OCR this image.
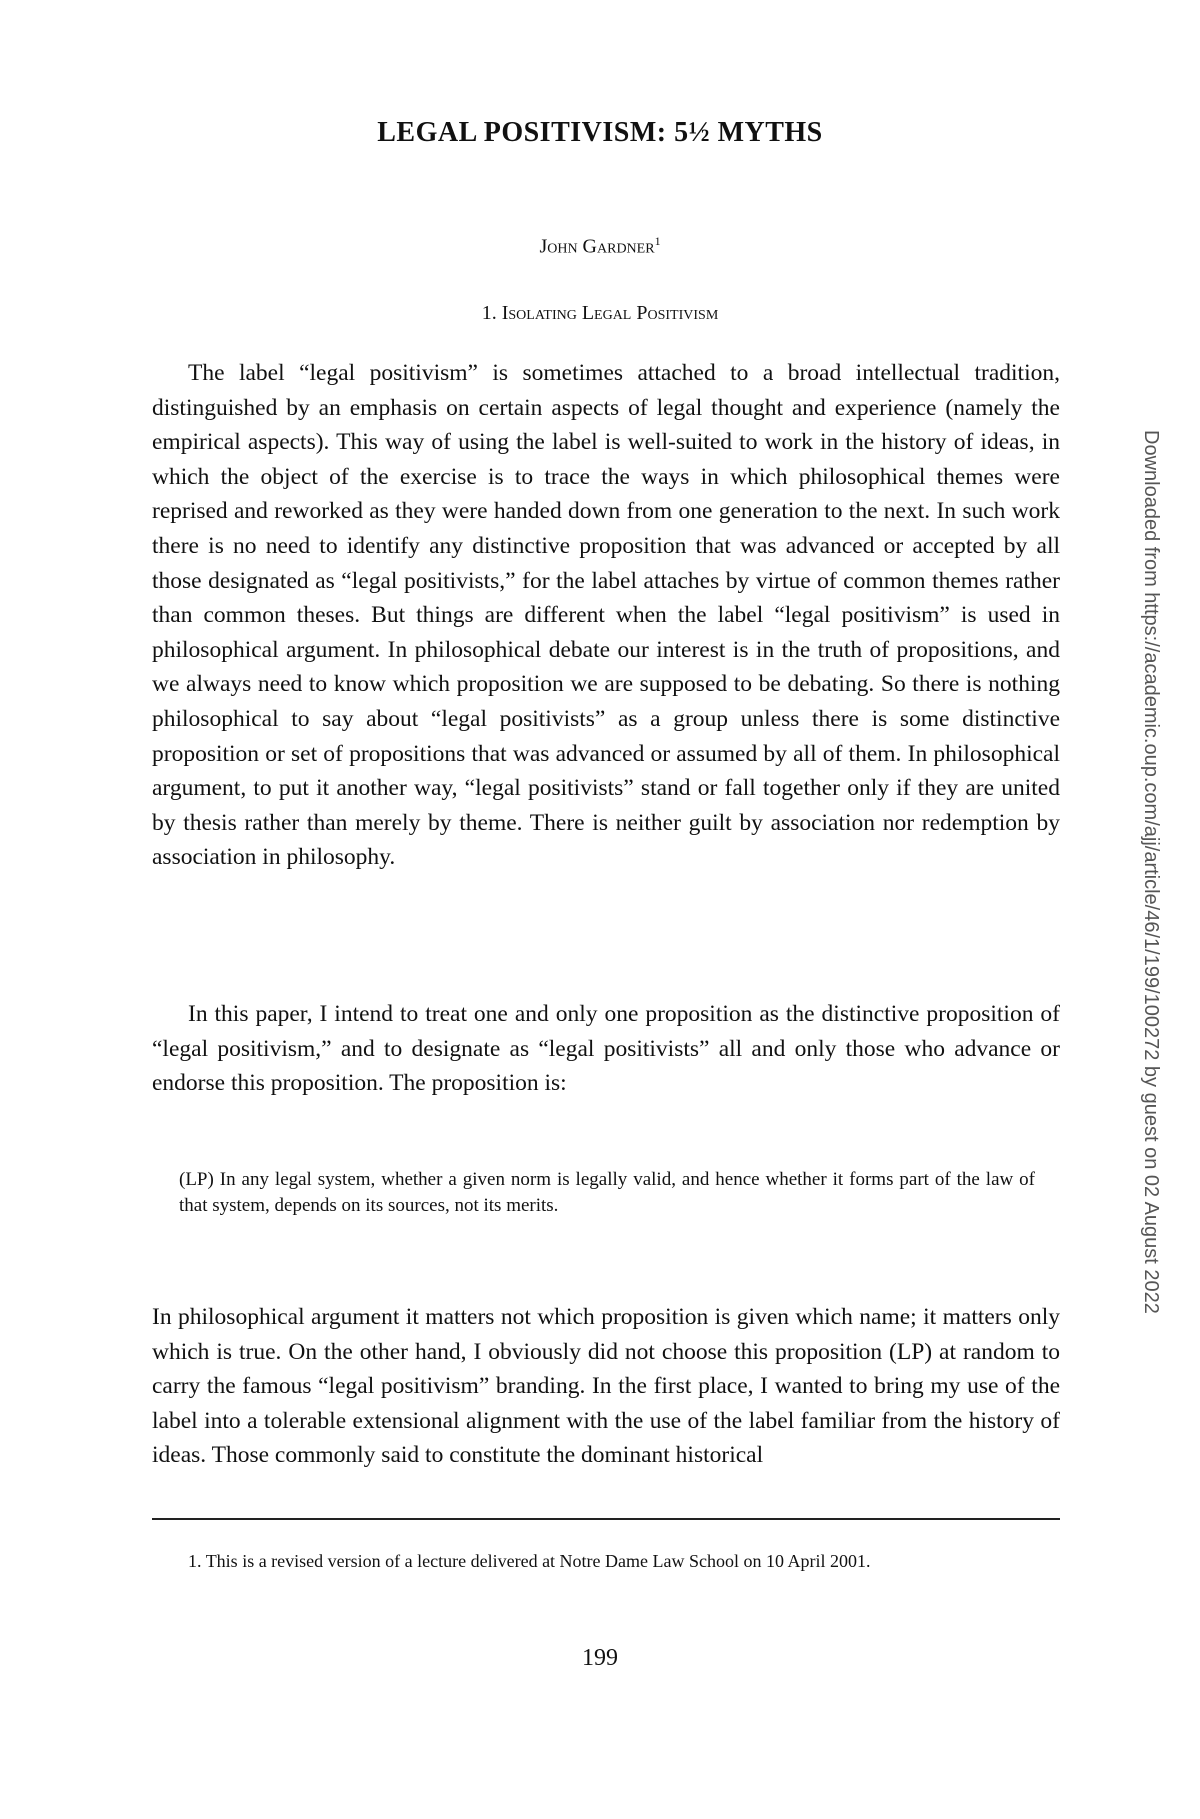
LEGAL POSITIVISM: 5½ MYTHS
John Gardner$^1$
1. Isolating Legal Positivism

The label “legal positivism” is sometimes attached to a broad intellectual tradition, distinguished by an emphasis on certain aspects of legal thought and experience (namely the empirical aspects). This way of using the label is well-suited to work in the history of ideas, in which the object of the exercise is to trace the ways in which philosophical themes were reprised and reworked as they were handed down from one generation to the next. In such work there is no need to identify any distinctive proposition that was advanced or accepted by all those designated as “legal positivists,” for the label attaches by virtue of common themes rather than common theses. But things are different when the label “legal positivism” is used in philosophical argument. In philosophical debate our interest is in the truth of propositions, and we always need to know which proposition we are supposed to be debating. So there is nothing philosophical to say about “legal positivists” as a group unless there is some distinctive proposition or set of propositions that was advanced or assumed by all of them. In philosophical argument, to put it another way, “legal positivists” stand or fall together only if they are united by thesis rather than merely by theme. There is neither guilt by association nor redemption by association in philosophy.

In this paper, I intend to treat one and only one proposition as the distinctive proposition of “legal positivism,” and to designate as “legal positivists” all and only those who advance or endorse this proposition. The proposition is:

(LP) In any legal system, whether a given norm is legally valid, and hence whether it forms part of the law of that system, depends on its sources, not its merits.

In philosophical argument it matters not which proposition is given which name; it matters only which is true. On the other hand, I obviously did not choose this proposition (LP) at random to carry the famous “legal positivism” branding. In the first place, I wanted to bring my use of the label into a tolerable extensional alignment with the use of the label familiar from the history of ideas. Those commonly said to constitute the dominant historical

1. This is a revised version of a lecture delivered at Notre Dame Law School on 10 April 2001.
199
Downloaded from https://academic.oup.com/ajj/article/46/1/199/100272 by guest on 02 August 2022
